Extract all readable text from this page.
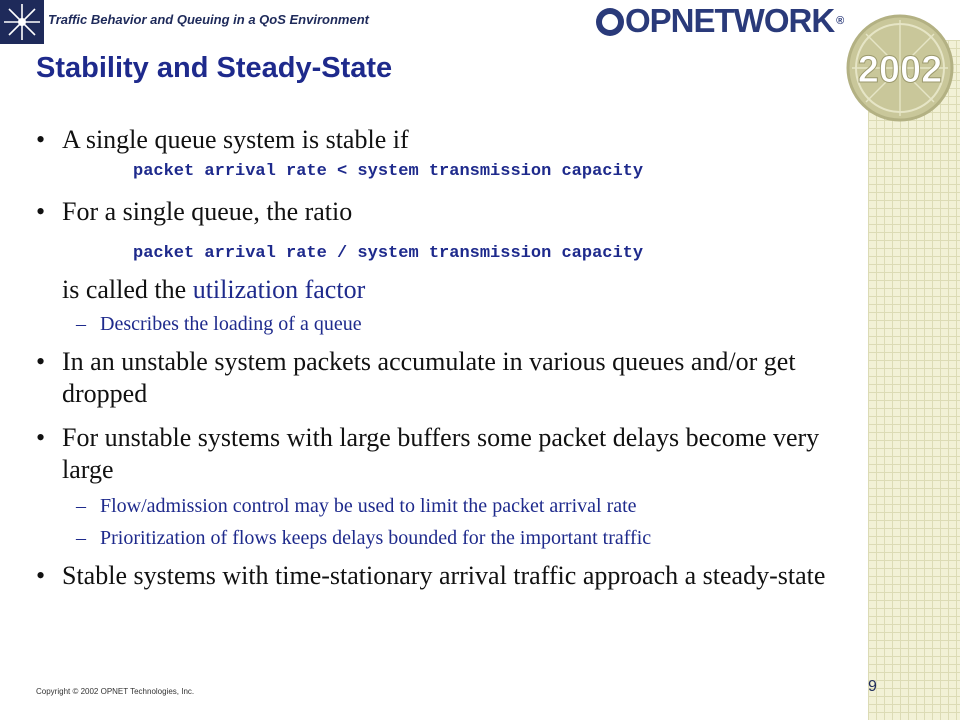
Traffic Behavior and Queuing in a QoS Environment	OPNETWORK ®
2002
Stability and Steady-State
• A single queue system is stable if
packet arrival rate < system transmission capacity
• For a single queue, the ratio
packet arrival rate / system transmission capacity
is called the utilization factor
– Describes the loading of a queue
• In an unstable system packets accumulate in various queues and/or get dropped
• For unstable systems with large buffers some packet delays become very large
– Flow/admission control may be used to limit the packet arrival rate
– Prioritization of flows keeps delays bounded for the important traffic
• Stable systems with time-stationary arrival traffic approach a steady-state
Copyright © 2002 OPNET Technologies, Inc.	9
